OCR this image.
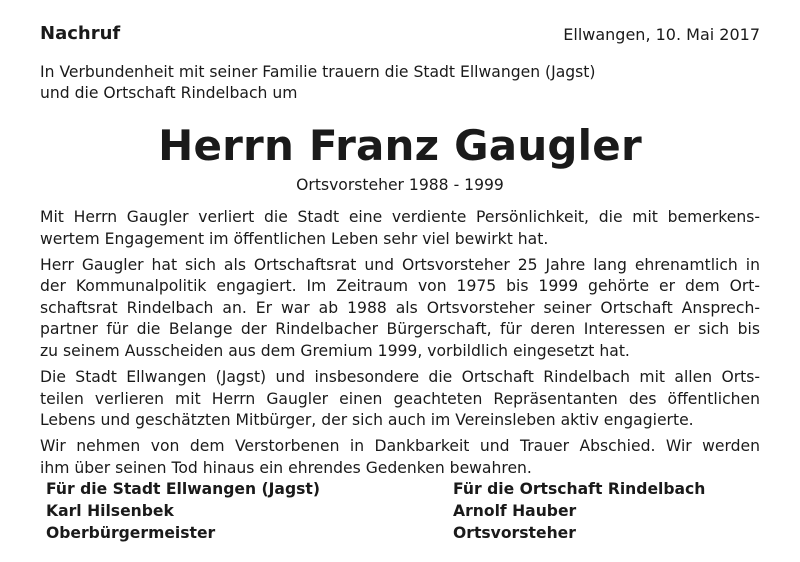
Nachruf	Ellwangen, 10. Mai 2017
In Verbundenheit mit seiner Familie trauern die Stadt Ellwangen (Jagst)
und die Ortschaft Rindelbach um
Herrn Franz Gaugler
Ortsvorsteher 1988 - 1999
Mit Herrn Gaugler verliert die Stadt eine verdiente Persönlichkeit, die mit bemerkens-
wertem Engagement im öffentlichen Leben sehr viel bewirkt hat.
Herr Gaugler hat sich als Ortschaftsrat und Ortsvorsteher 25 Jahre lang ehrenamtlich in
der Kommunalpolitik engagiert. Im Zeitraum von 1975 bis 1999 gehörte er dem Ort-
schaftsrat Rindelbach an. Er war ab 1988 als Ortsvorsteher seiner Ortschaft Ansprech-
partner für die Belange der Rindelbacher Bürgerschaft, für deren Interessen er sich bis
zu seinem Ausscheiden aus dem Gremium 1999, vorbildlich eingesetzt hat.
Die Stadt Ellwangen (Jagst) und insbesondere die Ortschaft Rindelbach mit allen Orts-
teilen verlieren mit Herrn Gaugler einen geachteten Repräsentanten des öffentlichen
Lebens und geschätzten Mitbürger, der sich auch im Vereinsleben aktiv engagierte.
Wir nehmen von dem Verstorbenen in Dankbarkeit und Trauer Abschied. Wir werden
ihm über seinen Tod hinaus ein ehrendes Gedenken bewahren.
Für die Stadt Ellwangen (Jagst)
Karl Hilsenbek
Oberbürgermeister
Für die Ortschaft Rindelbach
Arnolf Hauber
Ortsvorsteher
